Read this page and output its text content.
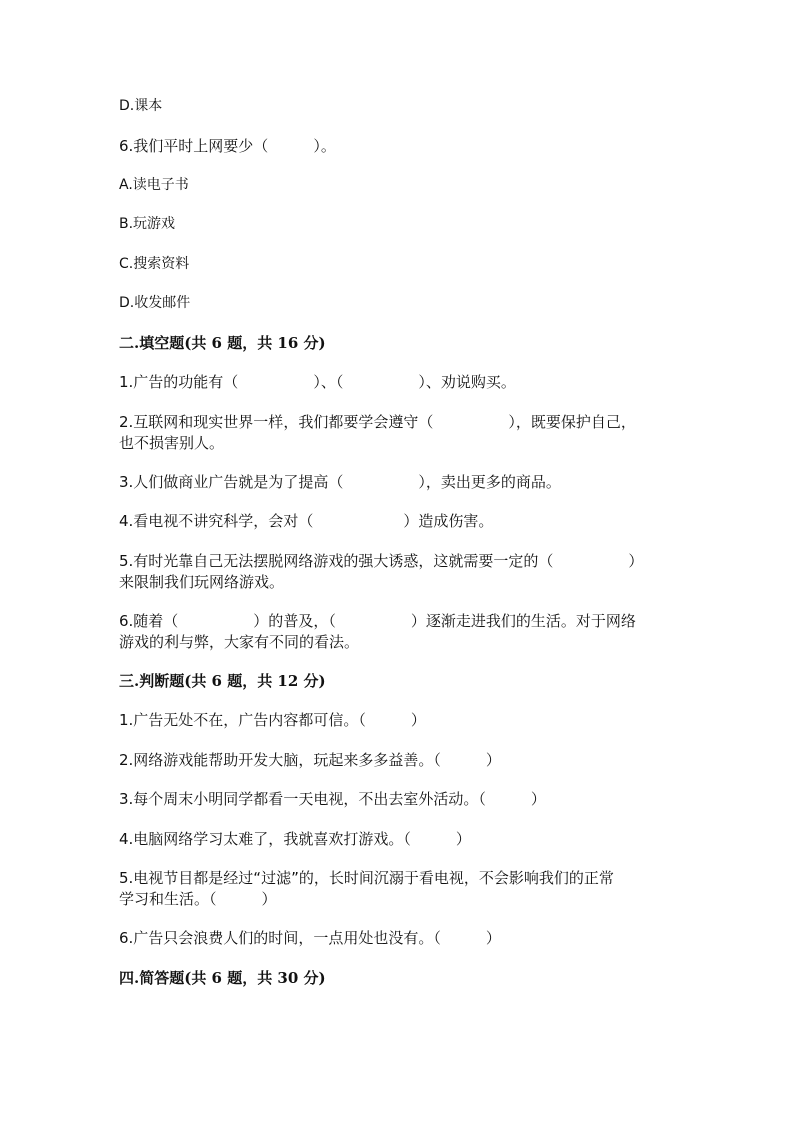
D.课本
6.我们平时上网要少（　　　）。
A.读电子书
B.玩游戏
C.搜索资料
D.收发邮件
二.填空题(共 6 题，共 16 分)
1.广告的功能有（　　　　　）、（　　　　　）、劝说购买。
2.互联网和现实世界一样，我们都要学会遵守（　　　　　），既要保护自己，
也不损害别人。
3.人们做商业广告就是为了提高（　　　　　），卖出更多的商品。
4.看电视不讲究科学，会对（　　　　　　）造成伤害。
5.有时光靠自己无法摆脱网络游戏的强大诱惑，这就需要一定的（　　　　　）
来限制我们玩网络游戏。
6.随着（　　　　　）的普及，（　　　　　）逐渐走进我们的生活。对于网络
游戏的利与弊，大家有不同的看法。
三.判断题(共 6 题，共 12 分)
1.广告无处不在，广告内容都可信。（　　　）
2.网络游戏能帮助开发大脑，玩起来多多益善。（　　　）
3.每个周末小明同学都看一天电视，不出去室外活动。（　　　）
4.电脑网络学习太难了，我就喜欢打游戏。（　　　）
5.电视节目都是经过“过滤”的，长时间沉溺于看电视，不会影响我们的正常
学习和生活。（　　　）
6.广告只会浪费人们的时间，一点用处也没有。（　　　）
四.简答题(共 6 题，共 30 分)
